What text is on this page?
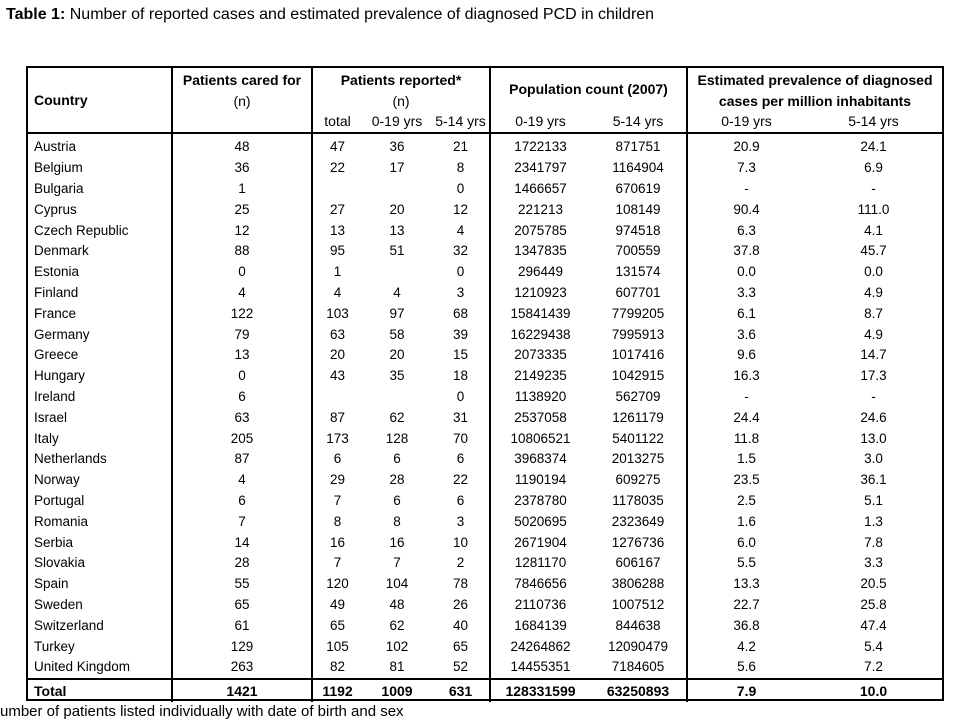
Table 1: Number of reported cases and estimated prevalence of diagnosed PCD in children
Country	Patients cared for	Patients reported*			Population count (2007)		Estimated prevalence of diagnosed	
	(n)	(n)					cases per million inhabitants	
		total	0-19 yrs	5-14 yrs	0-19 yrs	5-14 yrs	0-19 yrs	5-14 yrs
Austria	48	47	36	21	1722133	871751	20.9	24.1
Belgium	36	22	17	8	2341797	1164904	7.3	6.9
Bulgaria	1			0	1466657	670619	-	-
Cyprus	25	27	20	12	221213	108149	90.4	111.0
Czech Republic	12	13	13	4	2075785	974518	6.3	4.1
Denmark	88	95	51	32	1347835	700559	37.8	45.7
Estonia	0	1		0	296449	131574	0.0	0.0
Finland	4	4	4	3	1210923	607701	3.3	4.9
France	122	103	97	68	15841439	7799205	6.1	8.7
Germany	79	63	58	39	16229438	7995913	3.6	4.9
Greece	13	20	20	15	2073335	1017416	9.6	14.7
Hungary	0	43	35	18	2149235	1042915	16.3	17.3
Ireland	6			0	1138920	562709	-	-
Israel	63	87	62	31	2537058	1261179	24.4	24.6
Italy	205	173	128	70	10806521	5401122	11.8	13.0
Netherlands	87	6	6	6	3968374	2013275	1.5	3.0
Norway	4	29	28	22	1190194	609275	23.5	36.1
Portugal	6	7	6	6	2378780	1178035	2.5	5.1
Romania	7	8	8	3	5020695	2323649	1.6	1.3
Serbia	14	16	16	10	2671904	1276736	6.0	7.8
Slovakia	28	7	7	2	1281170	606167	5.5	3.3
Spain	55	120	104	78	7846656	3806288	13.3	20.5
Sweden	65	49	48	26	2110736	1007512	22.7	25.8
Switzerland	61	65	62	40	1684139	844638	36.8	47.4
Turkey	129	105	102	65	24264862	12090479	4.2	5.4
United Kingdom	263	82	81	52	14455351	7184605	5.6	7.2
Total	1421	1192	1009	631	128331599	63250893	7.9	10.0
umber of patients listed individually with date of birth and sex
